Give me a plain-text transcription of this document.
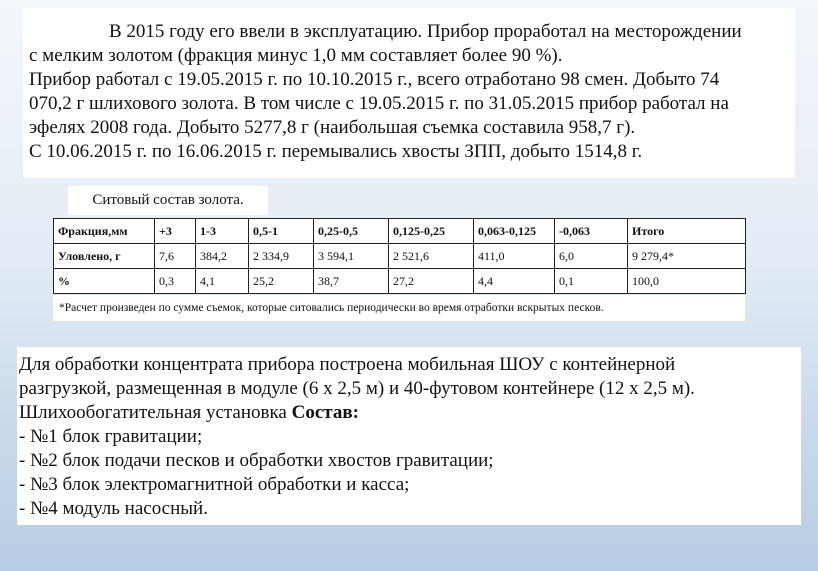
В 2015 году его ввели в эксплуатацию. Прибор проработал на месторождении
с мелким золотом (фракция минус 1,0 мм составляет более 90 %).
Прибор работал с 19.05.2015 г. по 10.10.2015 г., всего отработано 98 смен. Добыто 74
070,2 г шлихового золота. В том числе с 19.05.2015 г. по 31.05.2015 прибор работал на
эфелях 2008 года. Добыто 5277,8 г (наибольшая съемка составила 958,7 г).
С 10.06.2015 г. по 16.06.2015 г. перемывались хвосты ЗПП, добыто 1514,8 г.

Ситовый состав золота.
Фракция,мм	+3	1-3	0,5-1	0,25-0,5	0,125-0,25	0,063-0,125	-0,063	Итого
Уловлено, г	7,6	384,2	2 334,9	3 594,1	2 521,6	411,0	6,0	9 279,4*
%	0,3	4,1	25,2	38,7	27,2	4,4	0,1	100,0
*Расчет произведен по сумме съемок, которые ситовались периодически во время отработки вскрытых песков.
Для обработки концентрата прибора построена мобильная ШОУ с контейнерной
разгрузкой, размещенная в модуле (6 х 2,5 м) и 40-футовом контейнере (12 х 2,5 м).
Шлихообогатительная установка Состав:
- №1 блок гравитации;
- №2 блок подачи песков и обработки хвостов гравитации;
- №3 блок электромагнитной обработки и касса;
- №4 модуль насосный.
